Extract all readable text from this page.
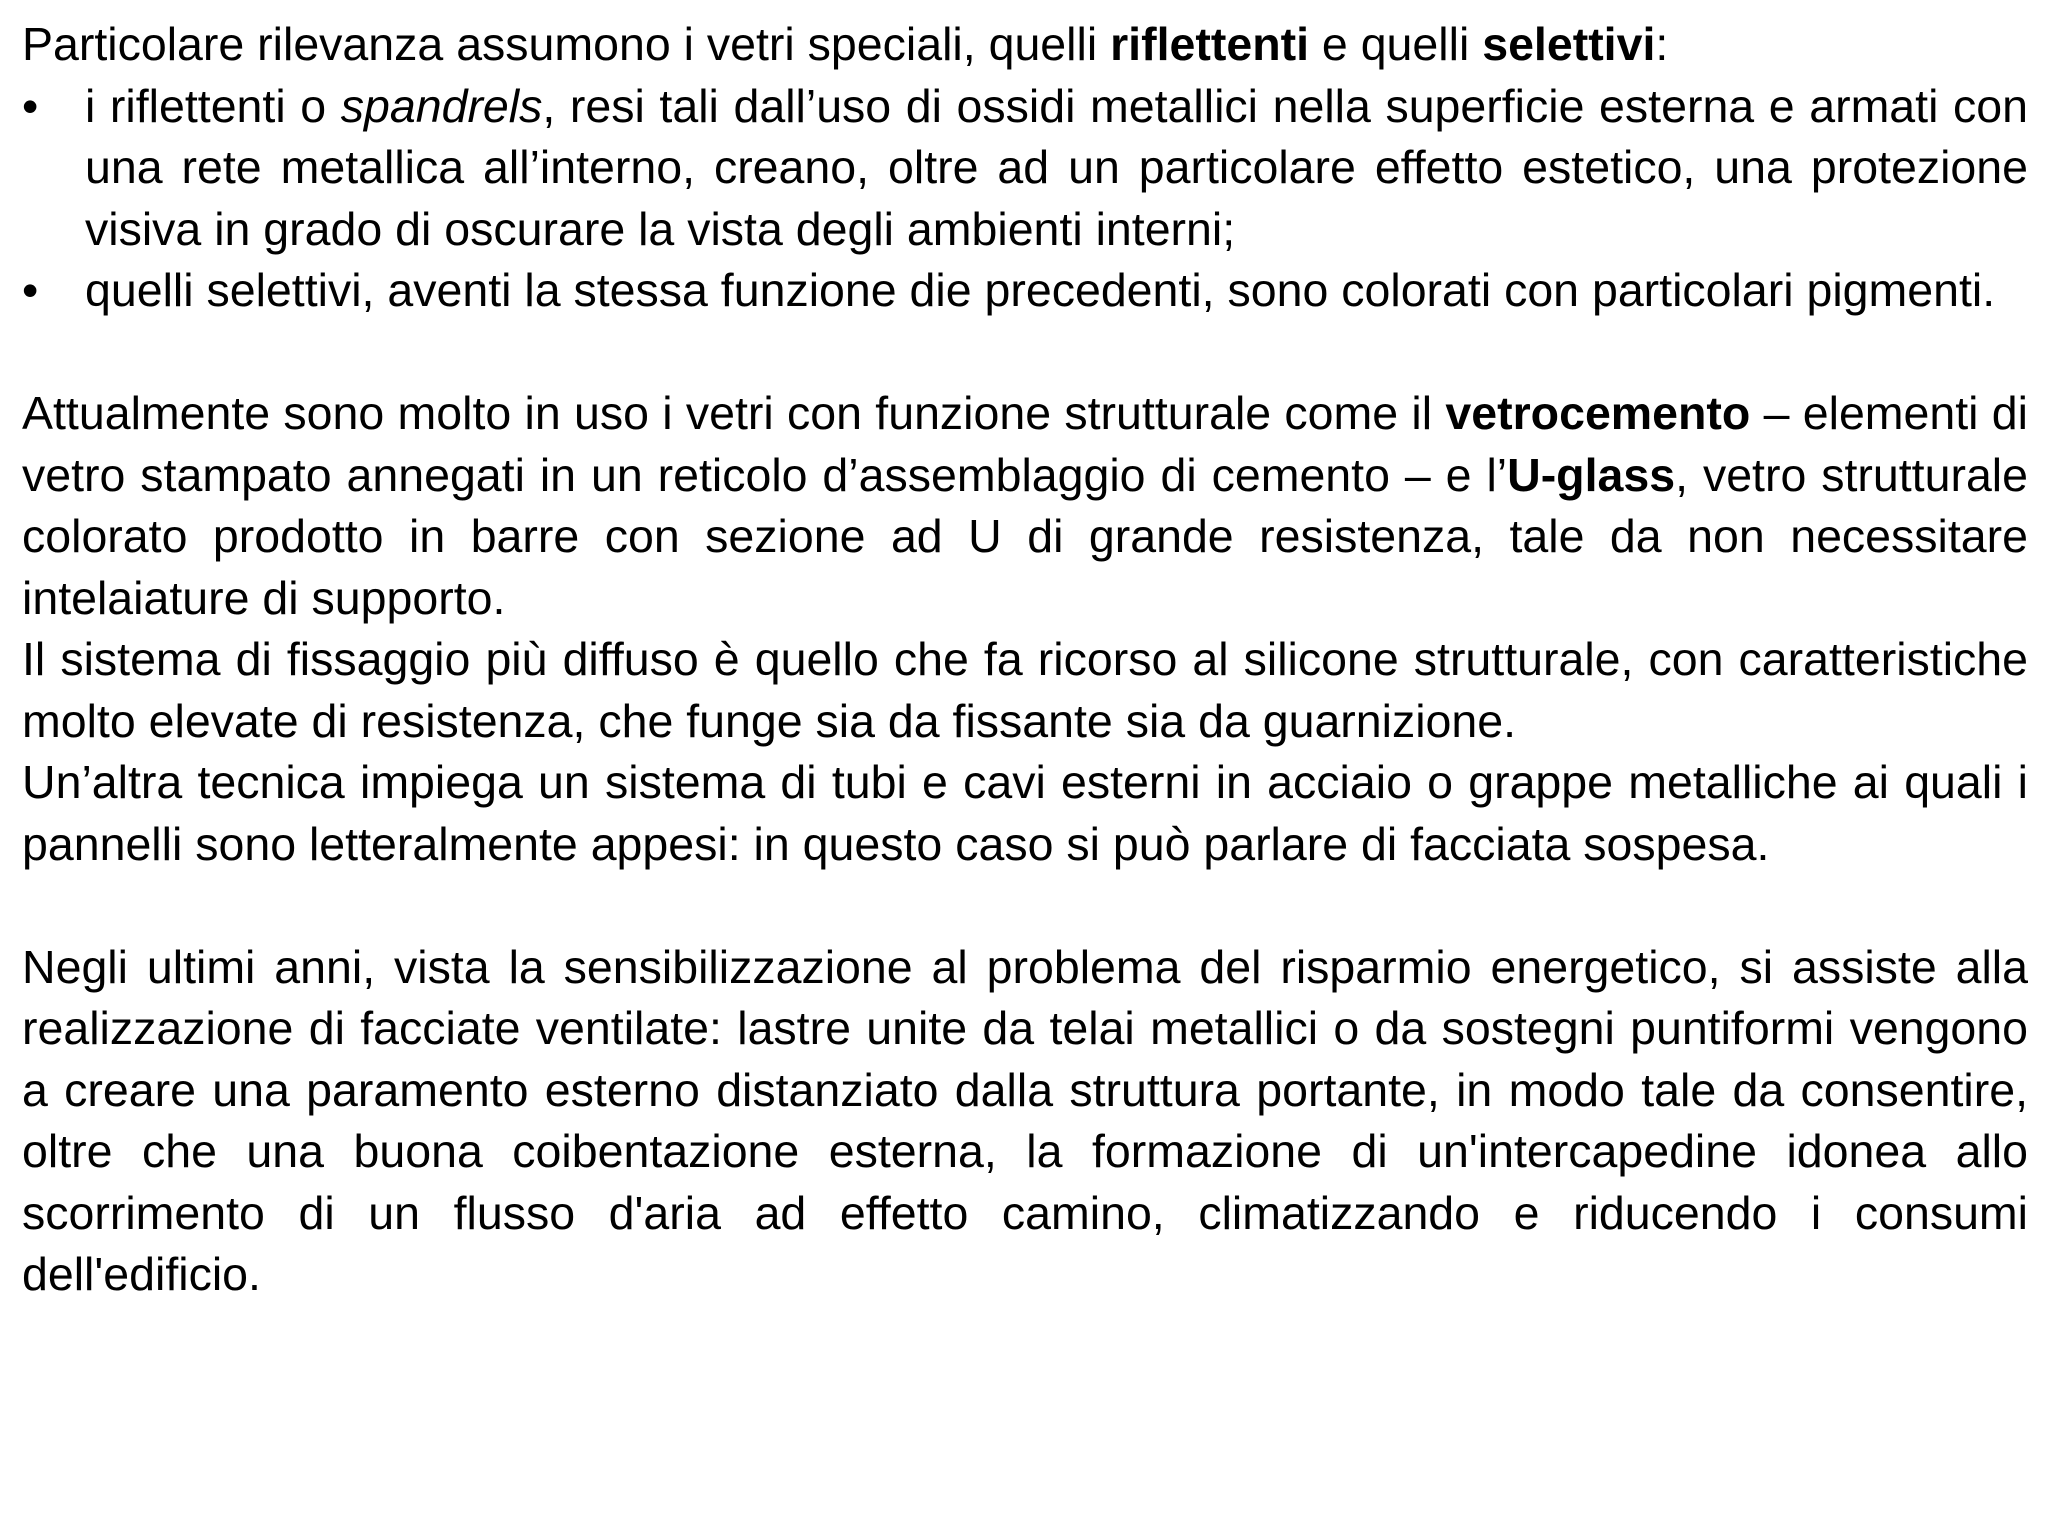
Particolare rilevanza assumono i vetri speciali, quelli riflettenti e quelli selettivi:

• i riflettenti o spandrels, resi tali dall’uso di ossidi metallici nella superficie esterna e armati con una rete metallica all’interno, creano, oltre ad un particolare effetto estetico, una protezione visiva in grado di oscurare la vista degli ambienti interni;
• quelli selettivi, aventi la stessa funzione die precedenti, sono colorati con particolari pigmenti.

Attualmente sono molto in uso i vetri con funzione strutturale come il vetrocemento – elementi di vetro stampato annegati in un reticolo d’assemblaggio di cemento – e l’U-glass, vetro strutturale colorato prodotto in barre con sezione ad U di grande resistenza, tale da non necessitare intelaiature di supporto.

Il sistema di fissaggio più diffuso è quello che fa ricorso al silicone strutturale, con caratteristiche molto elevate di resistenza, che funge sia da fissante sia da guarnizione.

Un’altra tecnica impiega un sistema di tubi e cavi esterni in acciaio o grappe metalliche ai quali i pannelli sono letteralmente appesi: in questo caso si può parlare di facciata sospesa.

Negli ultimi anni, vista la sensibilizzazione al problema del risparmio energetico, si assiste alla realizzazione di facciate ventilate: lastre unite da telai metallici o da sostegni puntiformi vengono a creare una paramento esterno distanziato dalla struttura portante, in modo tale da consentire, oltre che una buona coibentazione esterna, la formazione di un'intercapedine idonea allo scorrimento di un flusso d'aria ad effetto camino, climatizzando e riducendo i consumi dell'edificio.
